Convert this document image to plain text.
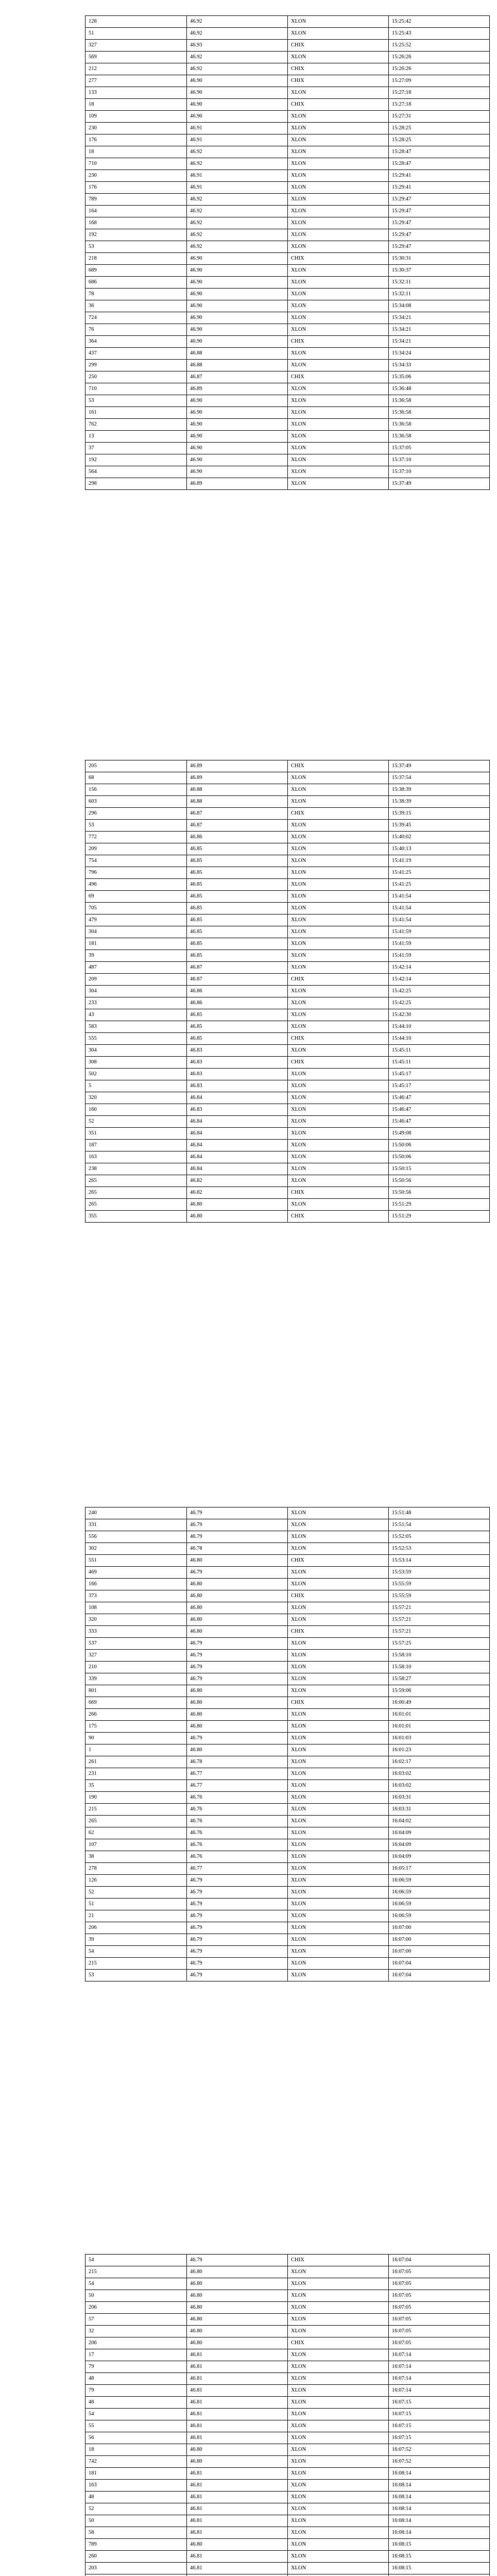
128	46.92	XLON	15:25:42
51	46.92	XLON	15:25:43
327	46.93	CHIX	15:25:52
569	46.92	XLON	15:26:26
212	46.92	CHIX	15:26:26
277	46.90	CHIX	15:27:09
133	46.90	XLON	15:27:18
18	46.90	CHIX	15:27:18
109	46.90	XLON	15:27:31
230	46.91	XLON	15:28:25
176	46.91	XLON	15:28:25
18	46.92	XLON	15:28:47
710	46.92	XLON	15:28:47
230	46.91	XLON	15:29:41
176	46.91	XLON	15:29:41
789	46.92	XLON	15:29:47
164	46.92	XLON	15:29:47
168	46.92	XLON	15:29:47
192	46.92	XLON	15:29:47
53	46.92	XLON	15:29:47
218	46.90	CHIX	15:30:31
689	46.90	XLON	15:30:37
686	46.90	XLON	15:32:11
78	46.90	XLON	15:32:11
36	46.90	XLON	15:34:08
724	46.90	XLON	15:34:21
76	46.90	XLON	15:34:21
364	46.90	CHIX	15:34:21
437	46.88	XLON	15:34:24
299	46.88	XLON	15:34:33
250	46.87	CHIX	15:35:06
710	46.89	XLON	15:36:48
53	46.90	XLON	15:36:58
161	46.90	XLON	15:36:58
762	46.90	XLON	15:36:58
13	46.90	XLON	15:36:58
37	46.90	XLON	15:37:05
192	46.90	XLON	15:37:10
564	46.90	XLON	15:37:10
298	46.89	XLON	15:37:49
205	46.89	CHIX	15:37:49
68	46.89	XLON	15:37:54
156	46.88	XLON	15:38:39
603	46.88	XLON	15:38:39
296	46.87	CHIX	15:39:15
53	46.87	XLON	15:39:45
772	46.86	XLON	15:40:02
209	46.85	XLON	15:40:13
754	46.85	XLON	15:41:19
796	46.85	XLON	15:41:25
496	46.85	XLON	15:41:25
69	46.85	XLON	15:41:54
705	46.85	XLON	15:41:54
479	46.85	XLON	15:41:54
304	46.85	XLON	15:41:59
181	46.85	XLON	15:41:59
39	46.85	XLON	15:41:59
487	46.87	XLON	15:42:14
209	46.87	CHIX	15:42:14
304	46.86	XLON	15:42:25
233	46.86	XLON	15:42:25
43	46.85	XLON	15:42:30
583	46.85	XLON	15:44:10
555	46.85	CHIX	15:44:10
304	46.83	XLON	15:45:11
308	46.83	CHIX	15:45:11
502	46.83	XLON	15:45:17
5	46.83	XLON	15:45:17
320	46.84	XLON	15:46:47
160	46.83	XLON	15:46:47
52	46.84	XLON	15:46:47
351	46.84	XLON	15:49:08
187	46.84	XLON	15:50:06
163	46.84	XLON	15:50:06
238	46.84	XLON	15:50:15
265	46.82	XLON	15:50:56
265	46.82	CHIX	15:50:56
265	46.80	XLON	15:51:29
355	46.80	CHIX	15:51:29
240	46.79	XLON	15:51:48
331	46.79	XLON	15:51:54
556	46.79	XLON	15:52:05
302	46.78	XLON	15:52:53
551	46.80	CHIX	15:53:14
469	46.79	XLON	15:53:59
166	46.80	XLON	15:55:59
373	46.80	CHIX	15:55:59
108	46.80	XLON	15:57:21
320	46.80	XLON	15:57:21
333	46.80	CHIX	15:57:21
537	46.79	XLON	15:57:25
327	46.79	XLON	15:58:10
210	46.79	XLON	15:58:10
339	46.79	XLON	15:58:27
801	46.80	XLON	15:59:06
669	46.80	CHIX	16:00:49
266	46.80	XLON	16:01:01
175	46.80	XLON	16:01:01
90	46.79	XLON	16:01:03
1	46.80	XLON	16:01:23
261	46.78	XLON	16:02:17
231	46.77	XLON	16:03:02
35	46.77	XLON	16:03:02
190	46.76	XLON	16:03:31
215	46.76	XLON	16:03:31
265	46.76	XLON	16:04:02
62	46.76	XLON	16:04:09
107	46.76	XLON	16:04:09
38	46.76	XLON	16:04:09
278	46.77	XLON	16:05:17
126	46.79	XLON	16:06:59
52	46.79	XLON	16:06:59
51	46.79	XLON	16:06:59
21	46.79	XLON	16:06:59
206	46.79	XLON	16:07:00
39	46.79	XLON	16:07:00
54	46.79	XLON	16:07:00
215	46.79	XLON	16:07:04
53	46.79	XLON	16:07:04
54	46.79	CHIX	16:07:04
215	46.80	XLON	16:07:05
54	46.80	XLON	16:07:05
50	46.80	XLON	16:07:05
206	46.80	XLON	16:07:05
57	46.80	XLON	16:07:05
32	46.80	XLON	16:07:05
206	46.80	CHIX	16:07:05
17	46.81	XLON	16:07:14
79	46.81	XLON	16:07:14
48	46.81	XLON	16:07:14
79	46.81	XLON	16:07:14
48	46.81	XLON	16:07:15
54	46.81	XLON	16:07:15
55	46.81	XLON	16:07:15
56	46.81	XLON	16:07:15
18	46.80	XLON	16:07:52
742	46.80	XLON	16:07:52
181	46.81	XLON	16:08:14
163	46.81	XLON	16:08:14
48	46.81	XLON	16:08:14
52	46.81	XLON	16:08:14
50	46.81	XLON	16:08:14
58	46.81	XLON	16:08:14
789	46.80	XLON	16:08:15
260	46.81	XLON	16:08:15
203	46.81	XLON	16:08:15
